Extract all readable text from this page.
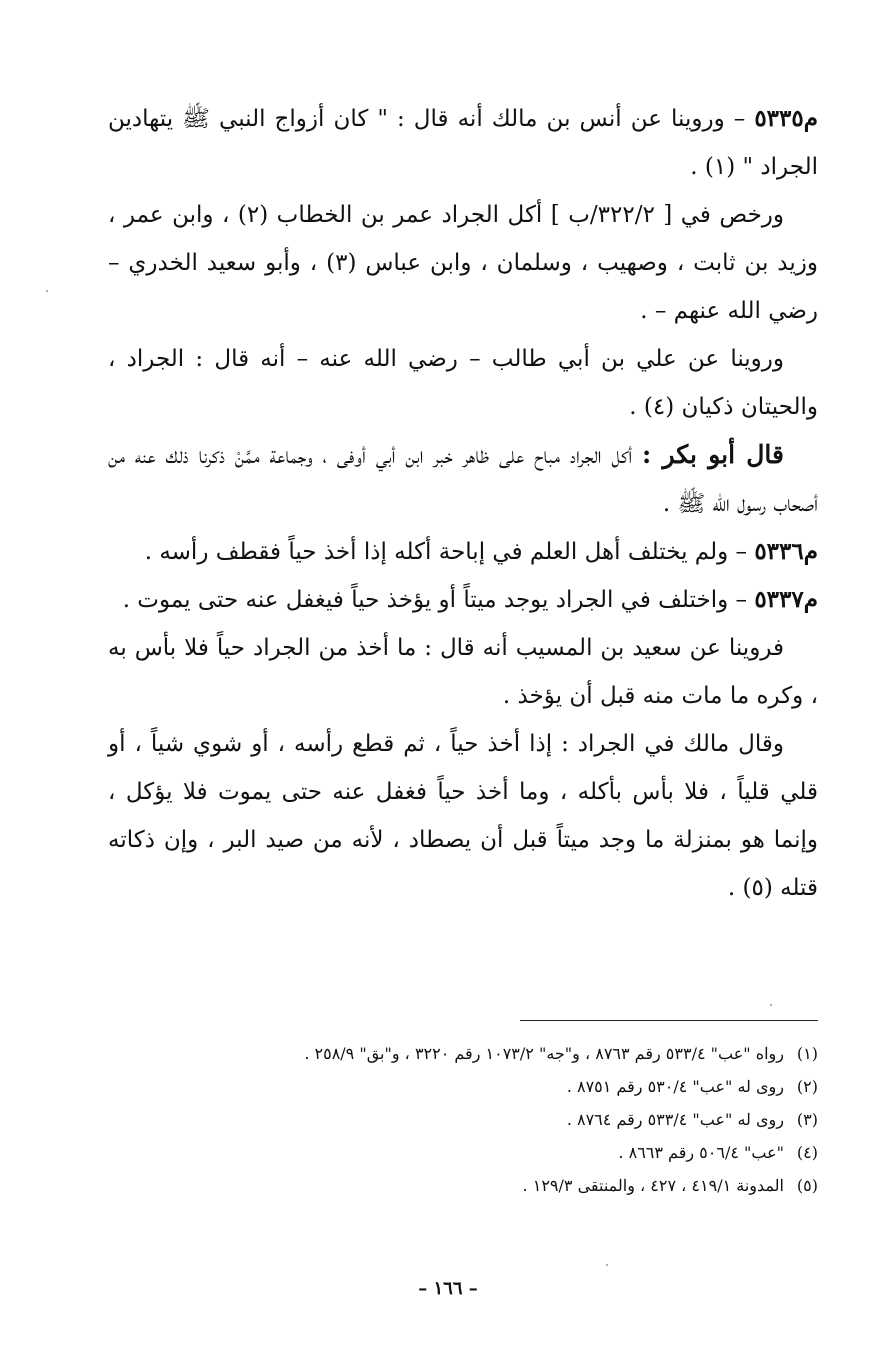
م٥٣٣٥ – وروينا عن أنس بن مالك أنه قال : " كان أزواج النبي ﷺ يتهادين الجراد " (١) .

ورخص في [ ٣٢٢/٢/ب ] أكل الجراد عمر بن الخطاب (٢) ، وابن عمر ، وزيد بن ثابت ، وصهيب ، وسلمان ، وابن عباس (٣) ، وأبو سعيد الخدري – رضي الله عنهم – .

وروينا عن علي بن أبي طالب – رضي الله عنه – أنه قال : الجراد ، والحيتان ذكيان (٤) .

قال أبو بكر : أكل الجراد مباح على ظاهر خبر ابن أبي أوفى ، وجماعة ممَّنْ ذكرنا ذلك عنه من أصحاب رسول الله ﷺ .

م٥٣٣٦ – ولم يختلف أهل العلم في إباحة أكله إذا أخذ حياً فقطف رأسه .

م٥٣٣٧ – واختلف في الجراد يوجد ميتاً أو يؤخذ حياً فيغفل عنه حتى يموت .

فروينا عن سعيد بن المسيب أنه قال : ما أخذ من الجراد حياً فلا بأس به ، وكره ما مات منه قبل أن يؤخذ .

وقال مالك في الجراد : إذا أخذ حياً ، ثم قطع رأسه ، أو شوي شياً ، أو قلي قلياً ، فلا بأس بأكله ، وما أخذ حياً فغفل عنه حتى يموت فلا يؤكل ، وإنما هو بمنزلة ما وجد ميتاً قبل أن يصطاد ، لأنه من صيد البر ، وإن ذكاته قتله (٥) .

(١)رواه "عب" ٥٣٣/٤ رقم ٨٧٦٣ ، و"جه" ١٠٧٣/٢ رقم ٣٢٢٠ ، و"بق" ٢٥٨/٩ .

(٢)روى له "عب" ٥٣٠/٤ رقم ٨٧٥١ .

(٣)روى له "عب" ٥٣٣/٤ رقم ٨٧٦٤ .

(٤)"عب" ٥٠٦/٤ رقم ٨٦٦٣ .

(٥)المدونة ٤١٩/١ ، ٤٢٧ ، والمنتقى ١٢٩/٣ .

– ١٦٦ –
